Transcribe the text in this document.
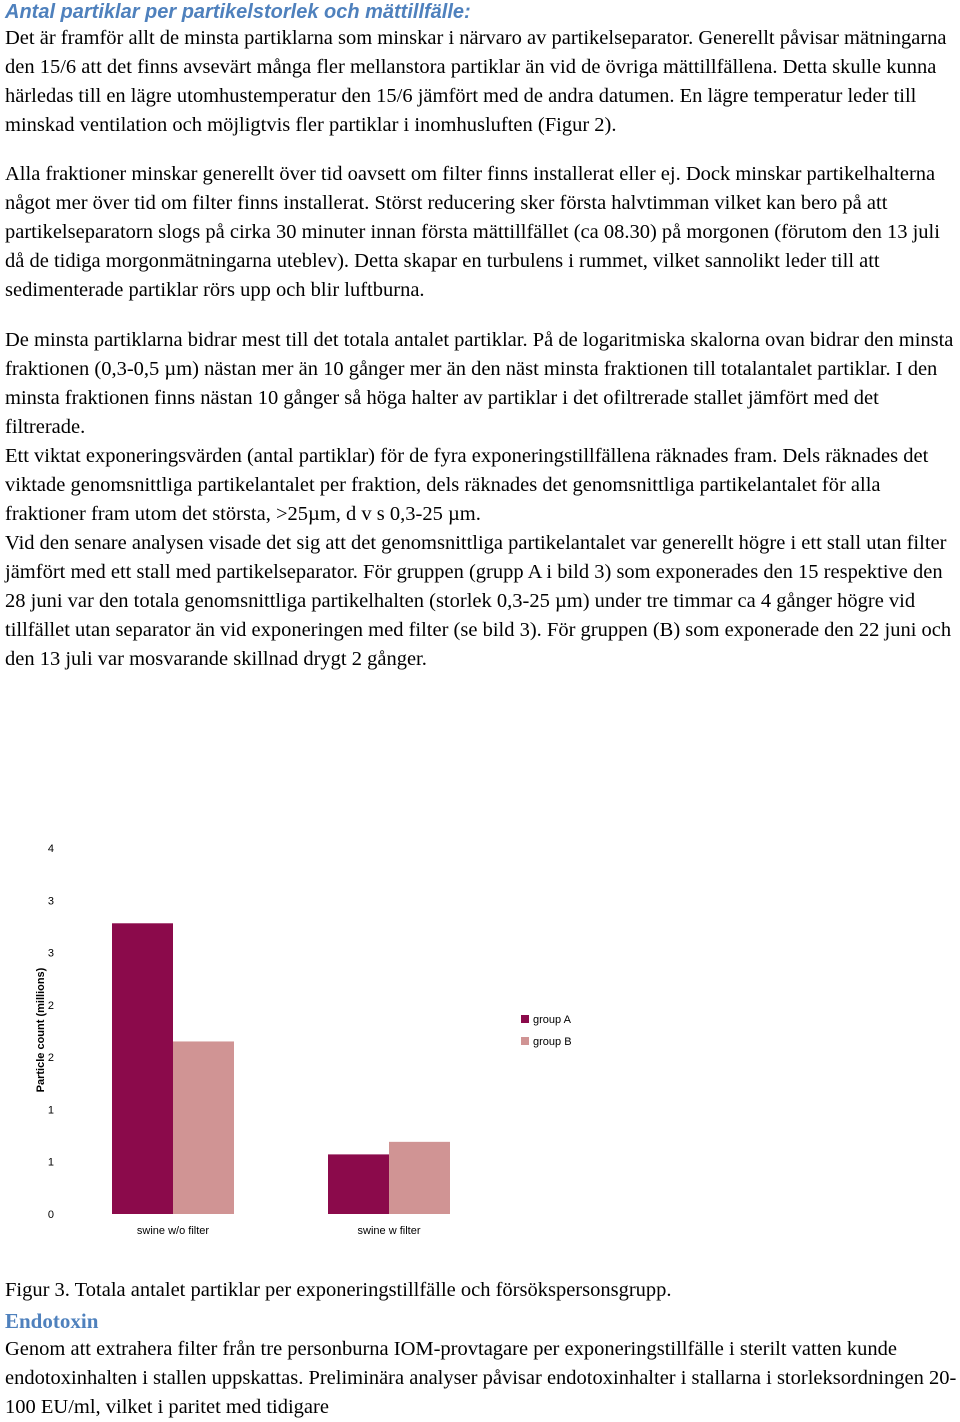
Antal partiklar per partikelstorlek och mättillfälle:

Det är framför allt de minsta partiklarna som minskar i närvaro av partikelseparator. Generellt påvisar mätningarna den 15/6 att det finns avsevärt många fler mellanstora partiklar än vid de övriga mättillfällena. Detta skulle kunna härledas till en lägre utomhustemperatur den 15/6 jämfört med de andra datumen. En lägre temperatur leder till minskad ventilation och möjligtvis fler partiklar i inomhusluften (Figur 2).

Alla fraktioner minskar generellt över tid oavsett om filter finns installerat eller ej. Dock minskar partikelhalterna något mer över tid om filter finns installerat. Störst reducering sker första halvtimman vilket kan bero på att partikelseparatorn slogs på cirka 30 minuter innan första mättillfället (ca 08.30) på morgonen (förutom den 13 juli då de tidiga morgonmätningarna uteblev). Detta skapar en turbulens i rummet, vilket sannolikt leder till att sedimenterade partiklar rörs upp och blir luftburna.

De minsta partiklarna bidrar mest till det totala antalet partiklar. På de logaritmiska skalorna ovan bidrar den minsta fraktionen (0,3-0,5 µm) nästan mer än 10 gånger mer än den näst minsta fraktionen till totalantalet partiklar. I den minsta fraktionen finns nästan 10 gånger så höga halter av partiklar i det ofiltrerade stallet jämfört med det filtrerade.

Ett viktat exponeringsvärden (antal partiklar) för de fyra exponeringstillfällena räknades fram. Dels räknades det viktade genomsnittliga partikelantalet per fraktion, dels räknades det genomsnittliga partikelantalet för alla fraktioner fram utom det största, >25µm, d v s 0,3-25 µm.

Vid den senare analysen visade det sig att det genomsnittliga partikelantalet var generellt högre i ett stall utan filter jämfört med ett stall med partikelseparator. För gruppen (grupp A i bild 3) som exponerades den 15 respektive den 28 juni var den totala genomsnittliga partikelhalten (storlek 0,3-25 µm) under tre timmar ca 4 gånger högre vid tillfället utan separator än vid exponeringen med filter (se bild 3). För gruppen (B) som exponerade den 22 juni och den 13 juli var mosvarande skillnad drygt 2 gånger.

0
1
1
2
2
3
3
4
Particle count (millions)
swine w/o filter	swine w filter
group A
group B

Figur 3. Totala antalet partiklar per exponeringstillfälle och försökspersonsgrupp.

Endotoxin

Genom att extrahera filter från tre personburna IOM-provtagare per exponeringstillfälle i sterilt vatten kunde endotoxinhalten i stallen uppskattas. Preliminära analyser påvisar endotoxinhalter i stallarna i storleksordningen 20-100 EU/ml, vilket i paritet med tidigare
